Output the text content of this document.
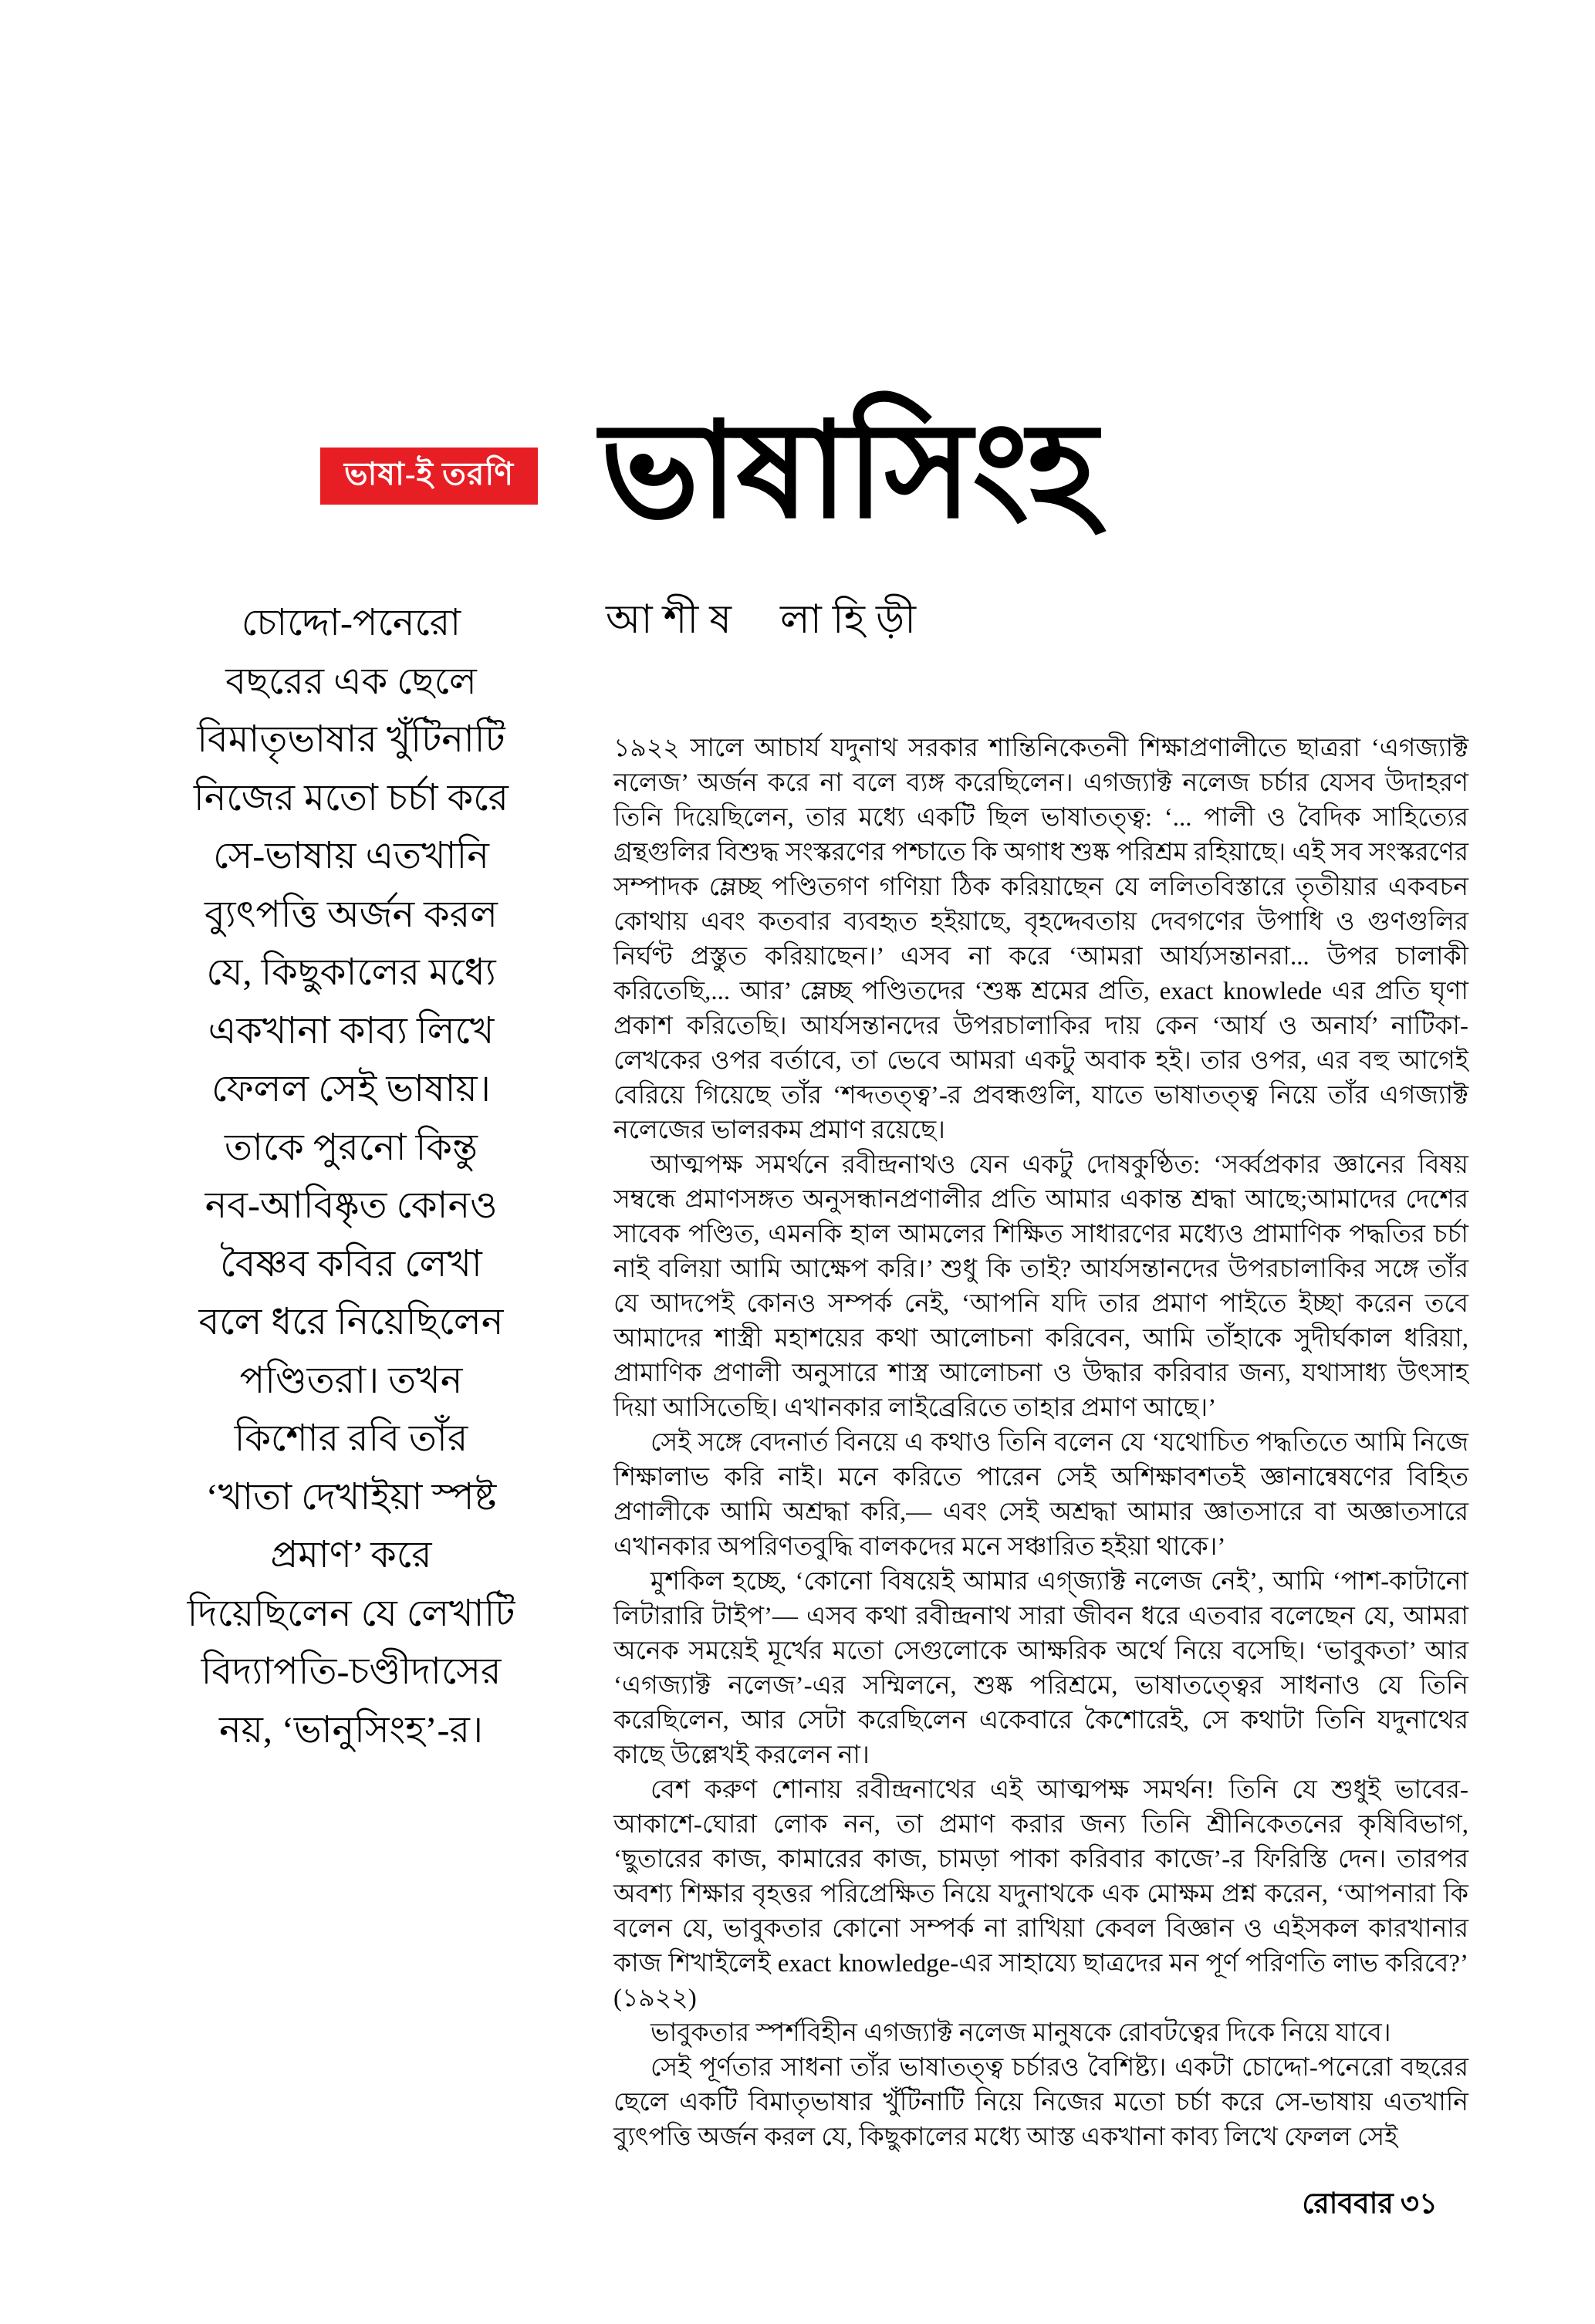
ভাষা-ই তরণি ভাষাসিংহ
আশীষ লাহিড়ী

চোদ্দো-পনেরো

বছরের এক ছেলে

বিমাতৃভাষার খুঁটিনাটি

নিজের মতো চর্চা করে

সে-ভাষায় এতখানি

ব্যুৎপত্তি অর্জন করল

যে, কিছুকালের মধ্যে

একখানা কাব্য লিখে

ফেলল সেই ভাষায়।

তাকে পুরনো কিন্তু

নব-আবিষ্কৃত কোনও

বৈষ্ণব কবির লেখা

বলে ধরে নিয়েছিলেন

পণ্ডিতরা। তখন

কিশোর রবি তাঁর

‘খাতা দেখাইয়া স্পষ্ট

প্রমাণ’ করে

দিয়েছিলেন যে লেখাটি

বিদ্যাপতি-চণ্ডীদাসের

নয়, ‘ভানুসিংহ’-র।

১৯২২ সালে আচার্য যদুনাথ সরকার শান্তিনিকেতনী শিক্ষাপ্রণালীতে ছাত্ররা ‘এগজ্যাক্ট নলেজ’ অর্জন করে না বলে ব্যঙ্গ করেছিলেন। এগজ্যাক্ট নলেজ চর্চার যেসব উদাহরণ তিনি দিয়েছিলেন, তার মধ্যে একটি ছিল ভাষাতত্ত্ব: ‘... পালী ও বৈদিক সাহিত্যের গ্রন্থগুলির বিশুদ্ধ সংস্করণের পশ্চাতে কি অগাধ শুষ্ক পরিশ্রম রহিয়াছে। এই সব সংস্করণের সম্পাদক ম্লেচ্ছ পণ্ডিতগণ গণিয়া ঠিক করিয়াছেন যে ললিতবিস্তারে তৃতীয়ার একবচন কোথায় এবং কতবার ব্যবহৃত হইয়াছে, বৃহদ্দেবতায় দেবগণের উপাধি ও গুণগুলির নির্ঘণ্ট প্রস্তুত করিয়াছেন।’ এসব না করে ‘আমরা আর্য্যসন্তানরা... উপর চালাকী করিতেছি,... আর’ ম্লেচ্ছ পণ্ডিতদের ‘শুষ্ক শ্রমের প্রতি, exact knowlede এর প্রতি ঘৃণা প্রকাশ করিতেছি। আর্যসন্তানদের উপরচালাকির দায় কেন ‘আর্য ও অনার্য’ নাটিকা-লেখকের ওপর বর্তাবে, তা ভেবে আমরা একটু অবাক হই। তার ওপর, এর বহু আগেই বেরিয়ে গিয়েছে তাঁর ‘শব্দতত্ত্ব’-র প্রবন্ধগুলি, যাতে ভাষাতত্ত্ব নিয়ে তাঁর এগজ্যাক্ট নলেজের ভালরকম প্রমাণ রয়েছে।

আত্মপক্ষ সমর্থনে রবীন্দ্রনাথও যেন একটু দোষকুণ্ঠিত: ‘সর্ব্বপ্রকার জ্ঞানের বিষয় সম্বন্ধে প্রমাণসঙ্গত অনুসন্ধানপ্রণালীর প্রতি আমার একান্ত শ্রদ্ধা আছে;আমাদের দেশের সাবেক পণ্ডিত, এমনকি হাল আমলের শিক্ষিত সাধারণের মধ্যেও প্রামাণিক পদ্ধতির চর্চা নাই বলিয়া আমি আক্ষেপ করি।’ শুধু কি তাই? আর্যসন্তানদের উপরচালাকির সঙ্গে তাঁর যে আদপেই কোনও সম্পর্ক নেই, ‘আপনি যদি তার প্রমাণ পাইতে ইচ্ছা করেন তবে আমাদের শাস্ত্রী মহাশয়ের কথা আলোচনা করিবেন, আমি তাঁহাকে সুদীর্ঘকাল ধরিয়া, প্রামাণিক প্রণালী অনুসারে শাস্ত্র আলোচনা ও উদ্ধার করিবার জন্য, যথাসাধ্য উৎসাহ দিয়া আসিতেছি। এখানকার লাইব্রেরিতে তাহার প্রমাণ আছে।’

সেই সঙ্গে বেদনার্ত বিনয়ে এ কথাও তিনি বলেন যে ‘যথোচিত পদ্ধতিতে আমি নিজে শিক্ষালাভ করি নাই। মনে করিতে পারেন সেই অশিক্ষাবশতই জ্ঞানান্বেষণের বিহিত প্রণালীকে আমি অশ্রদ্ধা করি,— এবং সেই অশ্রদ্ধা আমার জ্ঞাতসারে বা অজ্ঞাতসারে এখানকার অপরিণতবুদ্ধি বালকদের মনে সঞ্চারিত হইয়া থাকে।’

মুশকিল হচ্ছে, ‘কোনো বিষয়েই আমার এগ্জ্যাক্ট নলেজ নেই’, আমি ‘পাশ-কাটানো লিটারারি টাইপ’— এসব কথা রবীন্দ্রনাথ সারা জীবন ধরে এতবার বলেছেন যে, আমরা অনেক সময়েই মূর্খের মতো সেগুলোকে আক্ষরিক অর্থে নিয়ে বসেছি। ‘ভাবুকতা’ আর ‘এগজ্যাক্ট নলেজ’-এর সম্মিলনে, শুষ্ক পরিশ্রমে, ভাষাতত্ত্বের সাধনাও যে তিনি করেছিলেন, আর সেটা করেছিলেন একেবারে কৈশোরেই, সে কথাটা তিনি যদুনাথের কাছে উল্লেখই করলেন না।

বেশ করুণ শোনায় রবীন্দ্রনাথের এই আত্মপক্ষ সমর্থন! তিনি যে শুধুই ভাবের-আকাশে-ঘোরা লোক নন, তা প্রমাণ করার জন্য তিনি শ্রীনিকেতনের কৃষিবিভাগ, ‘ছুতারের কাজ, কামারের কাজ, চামড়া পাকা করিবার কাজে’-র ফিরিস্তি দেন। তারপর অবশ্য শিক্ষার বৃহত্তর পরিপ্রেক্ষিত নিয়ে যদুনাথকে এক মোক্ষম প্রশ্ন করেন, ‘আপনারা কি বলেন যে, ভাবুকতার কোনো সম্পর্ক না রাখিয়া কেবল বিজ্ঞান ও এইসকল কারখানার কাজ শিখাইলেই exact knowledge-এর সাহায্যে ছাত্রদের মন পূর্ণ পরিণতি লাভ করিবে?’ (১৯২২)

ভাবুকতার স্পর্শবিহীন এগজ্যাক্ট নলেজ মানুষকে রোবটত্বের দিকে নিয়ে যাবে।

সেই পূর্ণতার সাধনা তাঁর ভাষাতত্ত্ব চর্চারও বৈশিষ্ট্য। একটা চোদ্দো-পনেরো বছরের ছেলে একটি বিমাতৃভাষার খুঁটিনাটি নিয়ে নিজের মতো চর্চা করে সে-ভাষায় এতখানি ব্যুৎপত্তি অর্জন করল যে, কিছুকালের মধ্যে আস্ত একখানা কাব্য লিখে ফেলল সেই

রোববার ৩১
